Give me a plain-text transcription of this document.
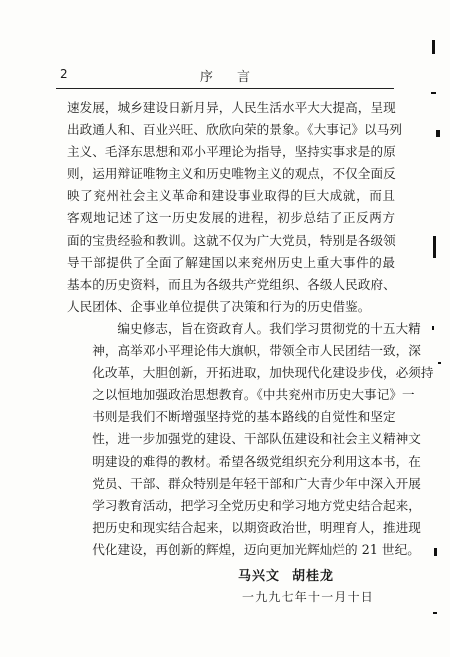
2	序 言

速发展，城乡建设日新月异，人民生活水平大大提高，呈现
出政通人和、百业兴旺、欣欣向荣的景象。《大事记》以马列
主义、毛泽东思想和邓小平理论为指导，坚持实事求是的原
则，运用辩证唯物主义和历史唯物主义的观点，不仅全面反
映了兖州社会主义革命和建设事业取得的巨大成就，而且
客观地记述了这一历史发展的进程，初步总结了正反两方
面的宝贵经验和教训。这就不仅为广大党员，特别是各级领
导干部提供了全面了解建国以来兖州历史上重大事件的最
基本的历史资料，而且为各级共产党组织、各级人民政府、
人民团体、企事业单位提供了决策和行为的历史借鉴。

编史修志，旨在资政育人。我们学习贯彻党的十五大精
神，高举邓小平理论伟大旗帜，带领全市人民团结一致，深
化改革，大胆创新，开拓进取，加快现代化建设步伐，必须持
之以恒地加强政治思想教育。《中共兖州市历史大事记》一
书则是我们不断增强坚持党的基本路线的自觉性和坚定
性，进一步加强党的建设、干部队伍建设和社会主义精神文
明建设的难得的教材。希望各级党组织充分利用这本书，在
党员、干部、群众特别是年轻干部和广大青少年中深入开展
学习教育活动，把学习全党历史和学习地方党史结合起来，
把历史和现实结合起来，以期资政治世，明理育人，推进现
代化建设，再创新的辉煌，迈向更加光辉灿烂的 21 世纪。

马兴文 胡桂龙
一九九七年十一月十日
